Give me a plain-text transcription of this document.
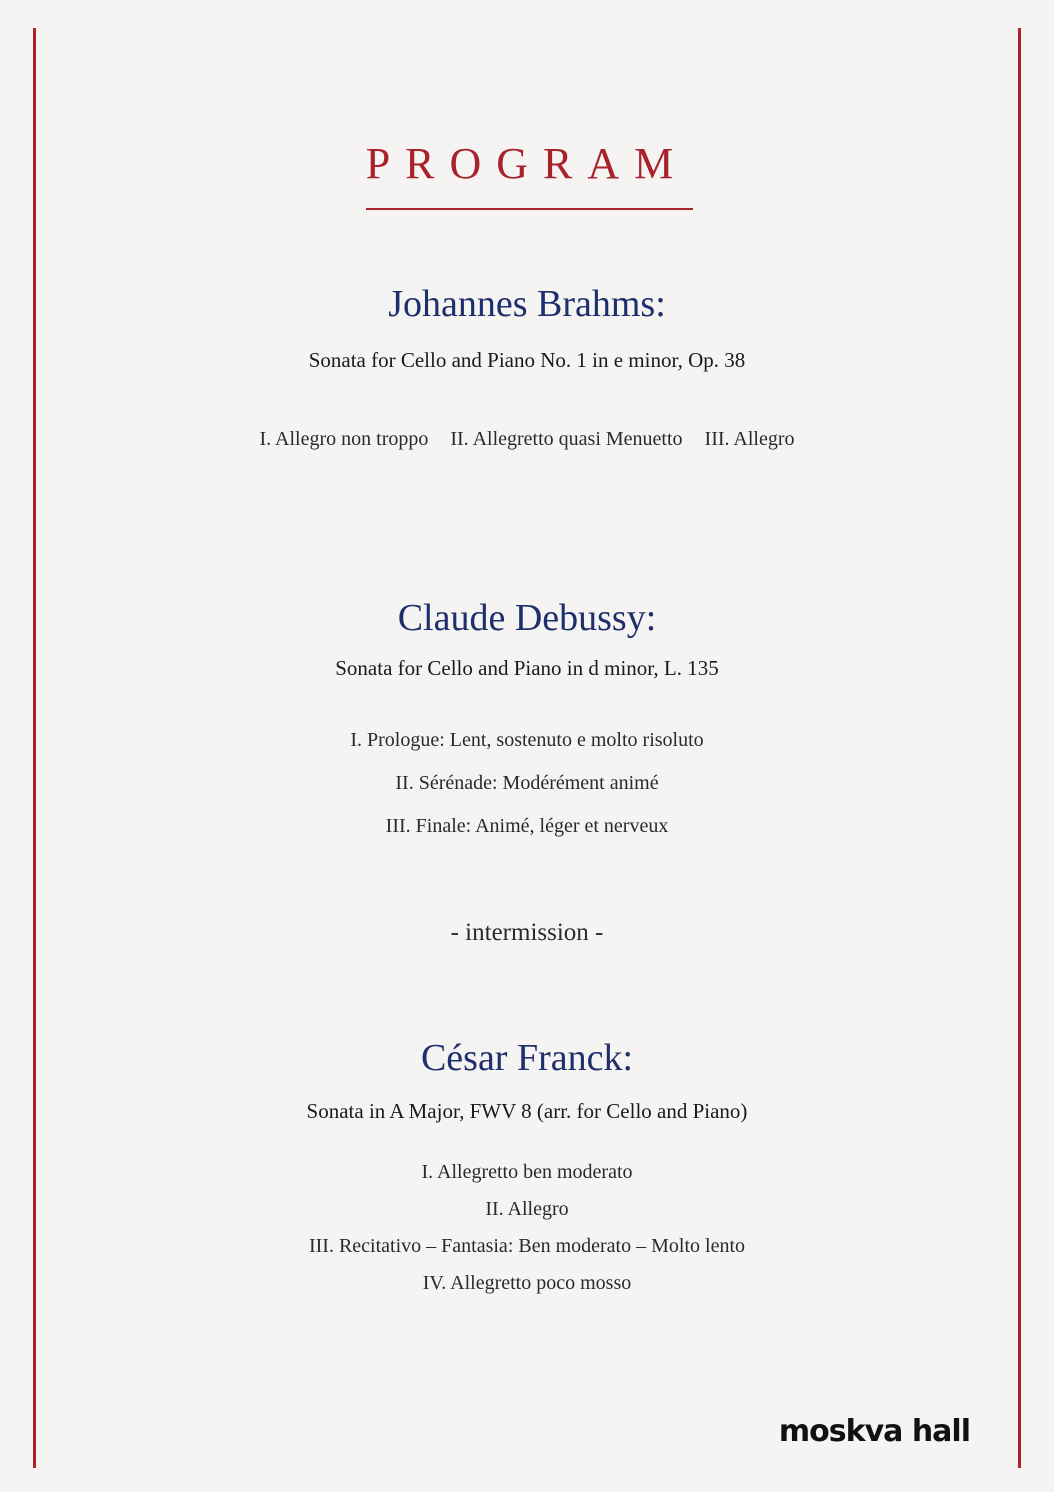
PROGRAM
Johannes Brahms:
Sonata for Cello and Piano No. 1 in e minor, Op. 38
I. Allegro non troppo II. Allegretto quasi Menuetto III. Allegro
Claude Debussy:
Sonata for Cello and Piano in d minor, L. 135
I. Prologue: Lent, sostenuto e molto risoluto
II. Sérénade: Modérément animé
III. Finale: Animé, léger et nerveux
- intermission -
César Franck:
Sonata in A Major, FWV 8 (arr. for Cello and Piano)
I. Allegretto ben moderato
II. Allegro
III. Recitativo – Fantasia: Ben moderato – Molto lento
IV. Allegretto poco mosso
moskva hall
